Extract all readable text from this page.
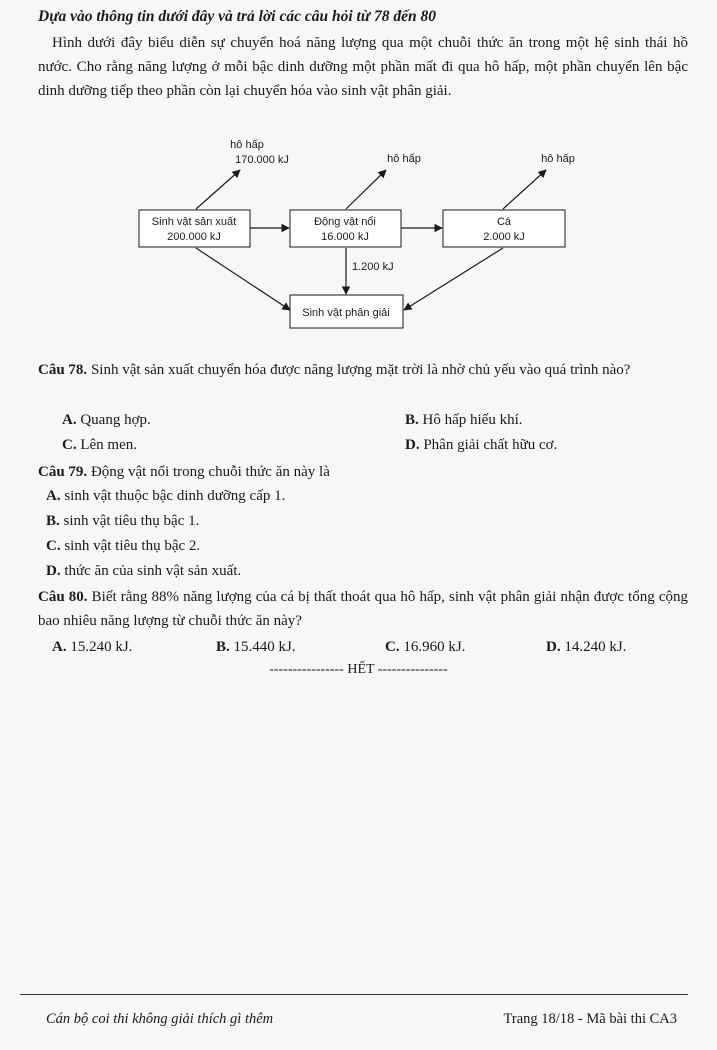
Dựa vào thông tin dưới đây và trả lời các câu hỏi từ 78 đến 80
Hình dưới đây biểu diễn sự chuyển hoá năng lượng qua một chuỗi thức ăn trong một hệ sinh thái hồ nước. Cho rằng năng lượng ở mỗi bậc dinh dưỡng một phần mất đi qua hô hấp, một phần chuyển lên bậc dinh dưỡng tiếp theo phần còn lại chuyển hóa vào sinh vật phân giải.
Sinh vật sản xuất
200.000 kJ
Động vật nổi
16.000 kJ
Cá
2.000 kJ
Sinh vật phân giải
hô hấp
170.000 kJ	hô hấp	hô hấp
1.200 kJ
Câu 78. Sinh vật sản xuất chuyển hóa được năng lượng mặt trời là nhờ chủ yếu vào quá trình nào?
A. Quang hợp.	B. Hô hấp hiếu khí.
C. Lên men.	D. Phân giải chất hữu cơ.
Câu 79. Động vật nổi trong chuỗi thức ăn này là
A. sinh vật thuộc bậc dinh dưỡng cấp 1.
B. sinh vật tiêu thụ bậc 1.
C. sinh vật tiêu thụ bậc 2.
D. thức ăn của sinh vật sản xuất.
Câu 80. Biết rằng 88% năng lượng của cá bị thất thoát qua hô hấp, sinh vật phân giải nhận được tổng cộng bao nhiêu năng lượng từ chuỗi thức ăn này?
A. 15.240 kJ.	B. 15.440 kJ.	C. 16.960 kJ.	D. 14.240 kJ.
---------------- HẾT ---------------
Cán bộ coi thi không giải thích gì thêm	Trang 18/18 - Mã bài thi CA3
